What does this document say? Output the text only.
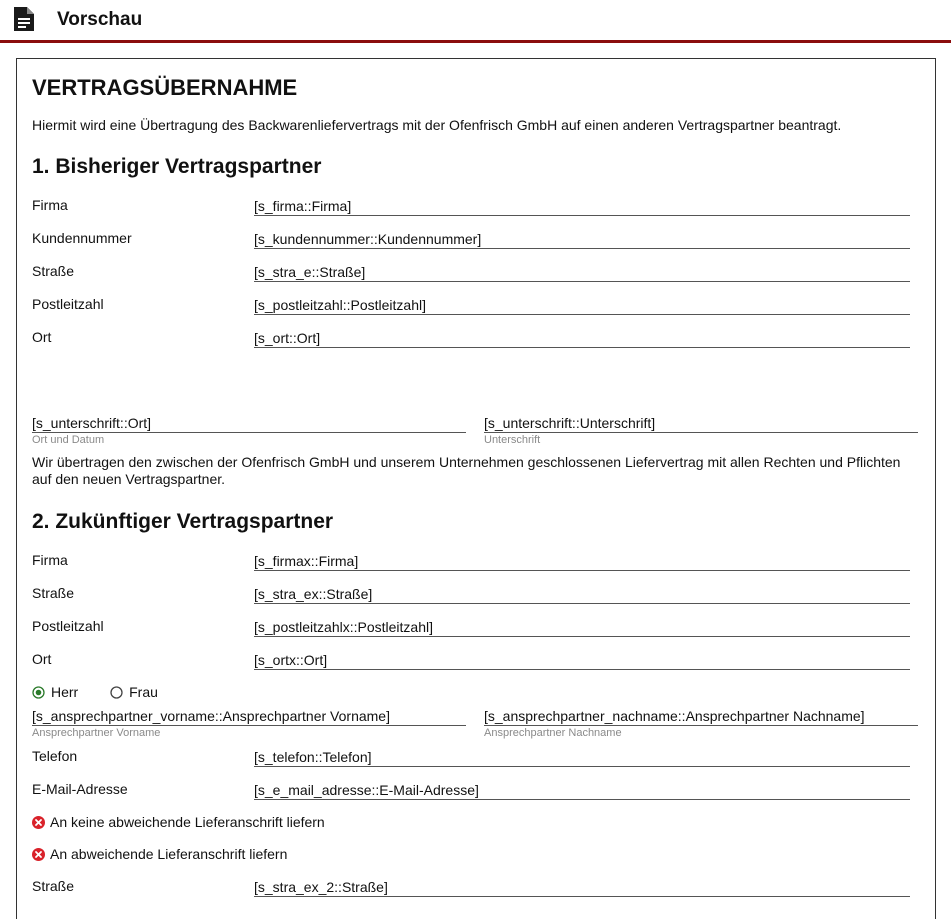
Vorschau
VERTRAGSÜBERNAHME
Hiermit wird eine Übertragung des Backwarenliefervertrags mit der Ofenfrisch GmbH auf einen anderen Vertragspartner beantragt.
1. Bisheriger Vertragspartner
Firma	[s_firma::Firma]
Kundennummer	[s_kundennummer::Kundennummer]
Straße	[s_stra_e::Straße]
Postleitzahl	[s_postleitzahl::Postleitzahl]
Ort	[s_ort::Ort]
[s_unterschrift::Ort]
Ort und Datum
[s_unterschrift::Unterschrift]
Unterschrift
Wir übertragen den zwischen der Ofenfrisch GmbH und unserem Unternehmen geschlossenen Liefervertrag mit allen Rechten und Pflichten auf den neuen Vertragspartner.
2. Zukünftiger Vertragspartner
Firma	[s_firmax::Firma]
Straße	[s_stra_ex::Straße]
Postleitzahl	[s_postleitzahlx::Postleitzahl]
Ort	[s_ortx::Ort]
Herr
	Frau
[s_ansprechpartner_vorname::Ansprechpartner Vorname]
Ansprechpartner Vorname
[s_ansprechpartner_nachname::Ansprechpartner Nachname]
Ansprechpartner Nachname
Telefon	[s_telefon::Telefon]
E-Mail-Adresse	[s_e_mail_adresse::E-Mail-Adresse]
An keine abweichende Lieferanschrift liefern
An abweichende Lieferanschrift liefern
Straße	[s_stra_ex_2::Straße]
